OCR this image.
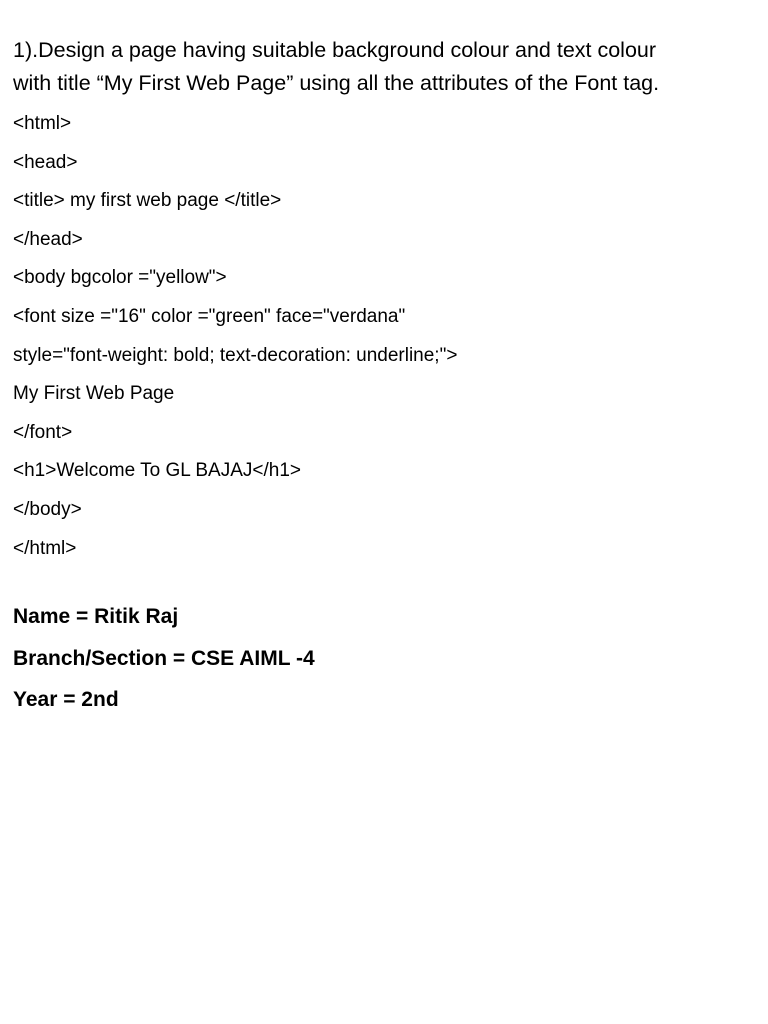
1).Design a page having suitable background colour and text colour
with title “My First Web Page” using all the attributes of the Font tag.

<html>
<head>
<title> my first web page </title>
</head>
<body bgcolor ="yellow">
<font size ="16" color ="green" face="verdana"
style="font-weight: bold; text-decoration: underline;">
My First Web Page
</font>
<h1>Welcome To GL BAJAJ</h1>
</body>
</html>
Name = Ritik Raj
Branch/Section = CSE AIML -4
Year = 2nd
